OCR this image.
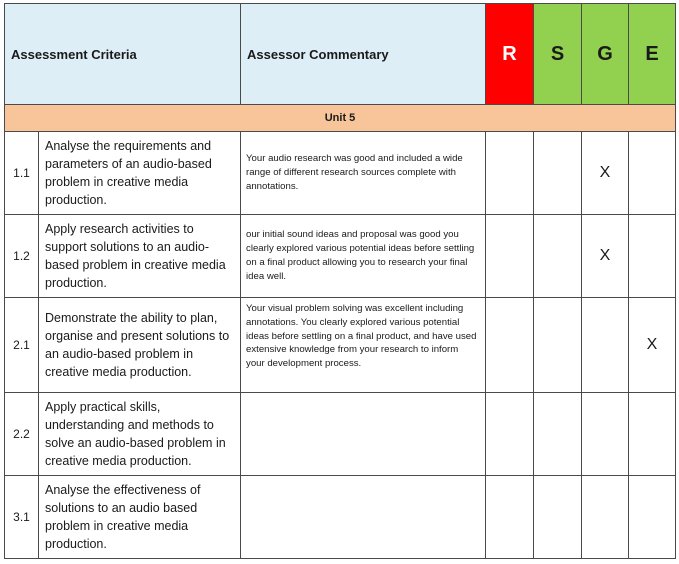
Assessment Criteria		Assessor Commentary	R	S	G	E
Unit 5						
1.1	Analyse the requirements and parameters of an audio-based problem in creative media production.	Your audio research was good and included a wide range of different research sources complete with annotations.			X	
1.2	Apply research activities to support solutions to an audio-based problem in creative media production.	our initial sound ideas and proposal was good you clearly explored various potential ideas before settling on a final product allowing you to research your final idea well.			X	
2.1	Demonstrate the ability to plan, organise and present solutions to an audio-based problem in creative media production.	Your visual problem solving was excellent including annotations. You clearly explored various potential ideas before settling on a final product, and have used extensive knowledge from your research to inform your development process.				X
2.2	Apply practical skills, understanding and methods to solve an audio-based problem in creative media production.					
3.1	Analyse the effectiveness of solutions to an audio based problem in creative media production.					
